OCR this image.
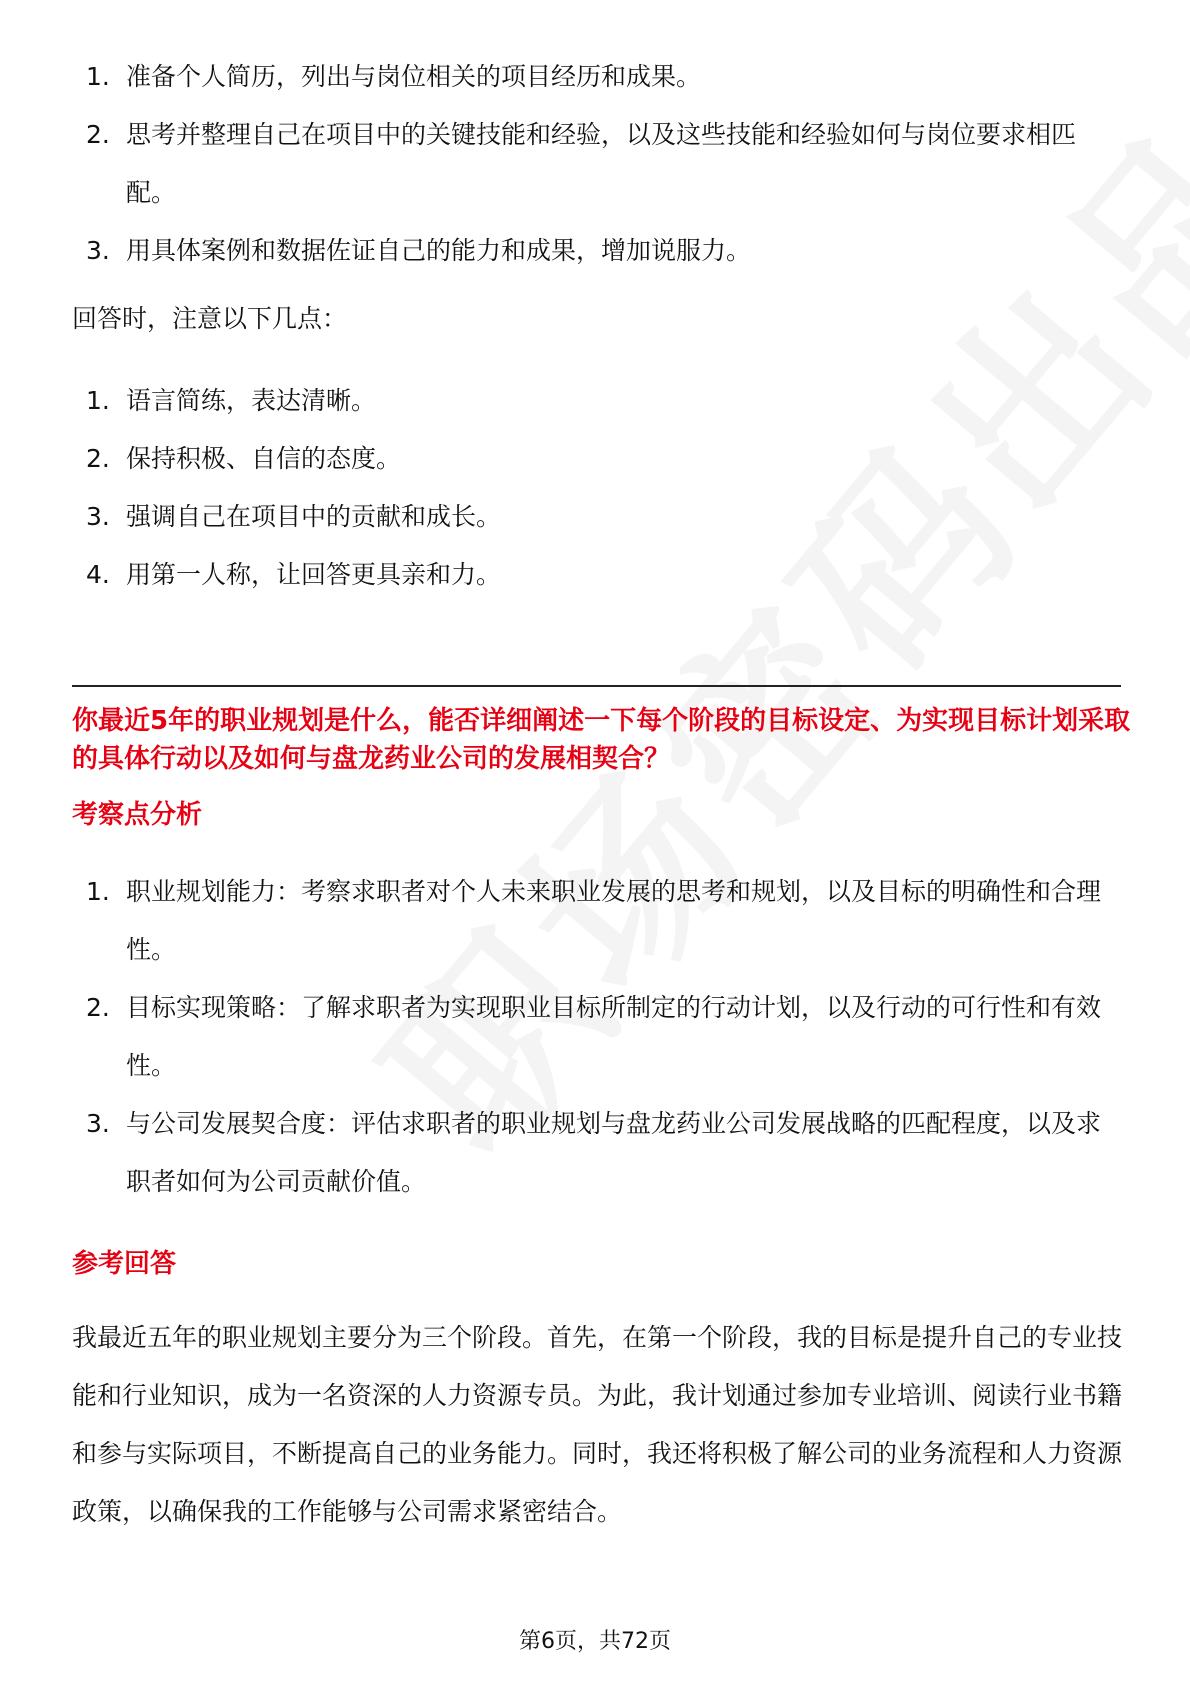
1. 准备个人简历，列出与岗位相关的项目经历和成果。
2. 思考并整理自己在项目中的关键技能和经验，以及这些技能和经验如何与岗位要求相匹配。
3. 用具体案例和数据佐证自己的能力和成果，增加说服力。

回答时，注意以下几点：

1. 语言简练，表达清晰。
2. 保持积极、自信的态度。
3. 强调自己在项目中的贡献和成长。
4. 用第一人称，让回答更具亲和力。

你最近5年的职业规划是什么，能否详细阐述一下每个阶段的目标设定、为实现目标计划采取的具体行动以及如何与盘龙药业公司的发展相契合？

考察点分析

1. 职业规划能力：考察求职者对个人未来职业发展的思考和规划，以及目标的明确性和合理性。
2. 目标实现策略：了解求职者为实现职业目标所制定的行动计划，以及行动的可行性和有效性。
3. 与公司发展契合度：评估求职者的职业规划与盘龙药业公司发展战略的匹配程度，以及求职者如何为公司贡献价值。

参考回答

我最近五年的职业规划主要分为三个阶段。首先，在第一个阶段，我的目标是提升自己的专业技能和行业知识，成为一名资深的人力资源专员。为此，我计划通过参加专业培训、阅读行业书籍和参与实际项目，不断提高自己的业务能力。同时，我还将积极了解公司的业务流程和人力资源政策，以确保我的工作能够与公司需求紧密结合。

第6页，共72页
